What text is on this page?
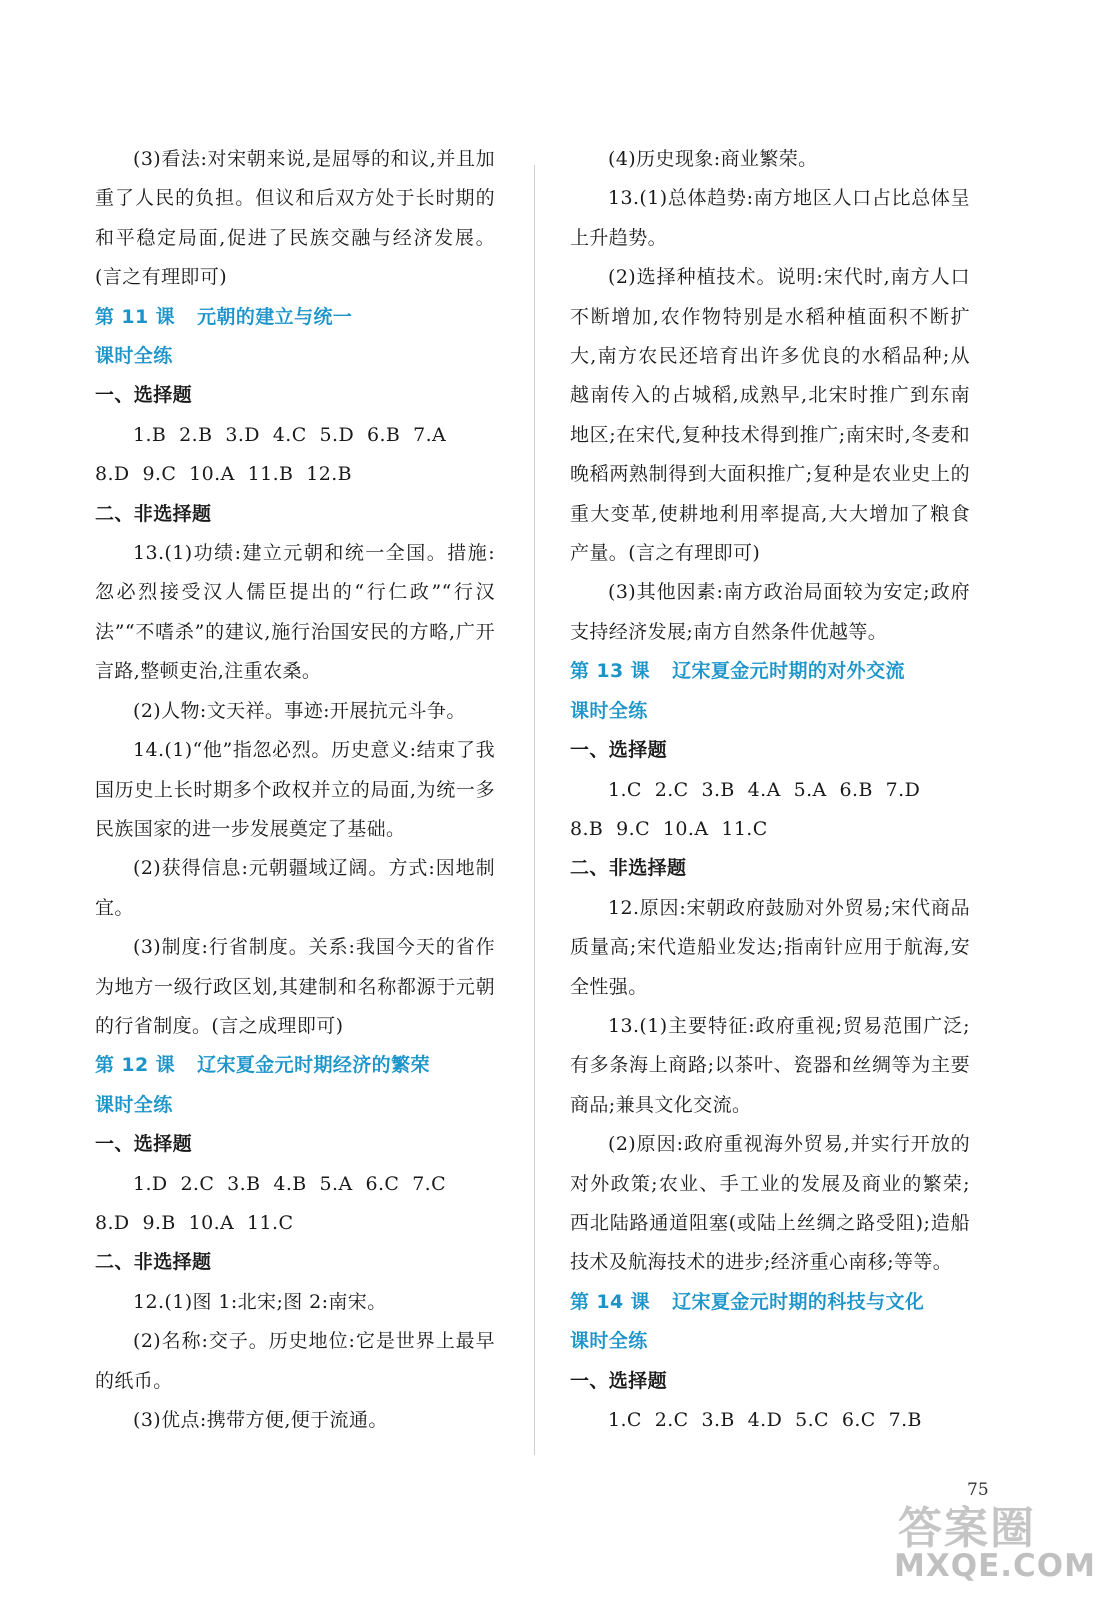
(3)看法:对宋朝来说,是屈辱的和议,并且加重了人民的负担。但议和后双方处于长时期的和平稳定局面,促进了民族交融与经济发展。(言之有理即可)

第 11 课 元朝的建立与统一

课时全练

一、选择题

1.B  2.B  3.D  4.C  5.D  6.B  7.A

8.D  9.C  10.A  11.B  12.B

二、非选择题

13.(1)功绩:建立元朝和统一全国。措施:忽必烈接受汉人儒臣提出的“行仁政”“行汉法”“不嗜杀”的建议,施行治国安民的方略,广开言路,整顿吏治,注重农桑。

(2)人物:文天祥。事迹:开展抗元斗争。

14.(1)“他”指忽必烈。历史意义:结束了我国历史上长时期多个政权并立的局面,为统一多民族国家的进一步发展奠定了基础。

(2)获得信息:元朝疆域辽阔。方式:因地制宜。

(3)制度:行省制度。关系:我国今天的省作为地方一级行政区划,其建制和名称都源于元朝的行省制度。(言之成理即可)

第 12 课 辽宋夏金元时期经济的繁荣

课时全练

一、选择题

1.D  2.C  3.B  4.B  5.A  6.C  7.C

8.D  9.B  10.A  11.C

二、非选择题

12.(1)图 1:北宋;图 2:南宋。

(2)名称:交子。历史地位:它是世界上最早的纸币。

(3)优点:携带方便,便于流通。

(4)历史现象:商业繁荣。

13.(1)总体趋势:南方地区人口占比总体呈上升趋势。

(2)选择种植技术。说明:宋代时,南方人口不断增加,农作物特别是水稻种植面积不断扩大,南方农民还培育出许多优良的水稻品种;从越南传入的占城稻,成熟早,北宋时推广到东南地区;在宋代,复种技术得到推广;南宋时,冬麦和晚稻两熟制得到大面积推广;复种是农业史上的重大变革,使耕地利用率提高,大大增加了粮食产量。(言之有理即可)

(3)其他因素:南方政治局面较为安定;政府支持经济发展;南方自然条件优越等。

第 13 课 辽宋夏金元时期的对外交流

课时全练

一、选择题

1.C  2.C  3.B  4.A  5.A  6.B  7.D

8.B  9.C  10.A  11.C

二、非选择题

12.原因:宋朝政府鼓励对外贸易;宋代商品质量高;宋代造船业发达;指南针应用于航海,安全性强。

13.(1)主要特征:政府重视;贸易范围广泛;有多条海上商路;以茶叶、瓷器和丝绸等为主要商品;兼具文化交流。

(2)原因:政府重视海外贸易,并实行开放的对外政策;农业、手工业的发展及商业的繁荣;西北陆路通道阻塞(或陆上丝绸之路受阻);造船技术及航海技术的进步;经济重心南移;等等。

第 14 课 辽宋夏金元时期的科技与文化

课时全练

一、选择题

1.C  2.C  3.B  4.D  5.C  6.C  7.B

75
答案圈
MXQE.COM
